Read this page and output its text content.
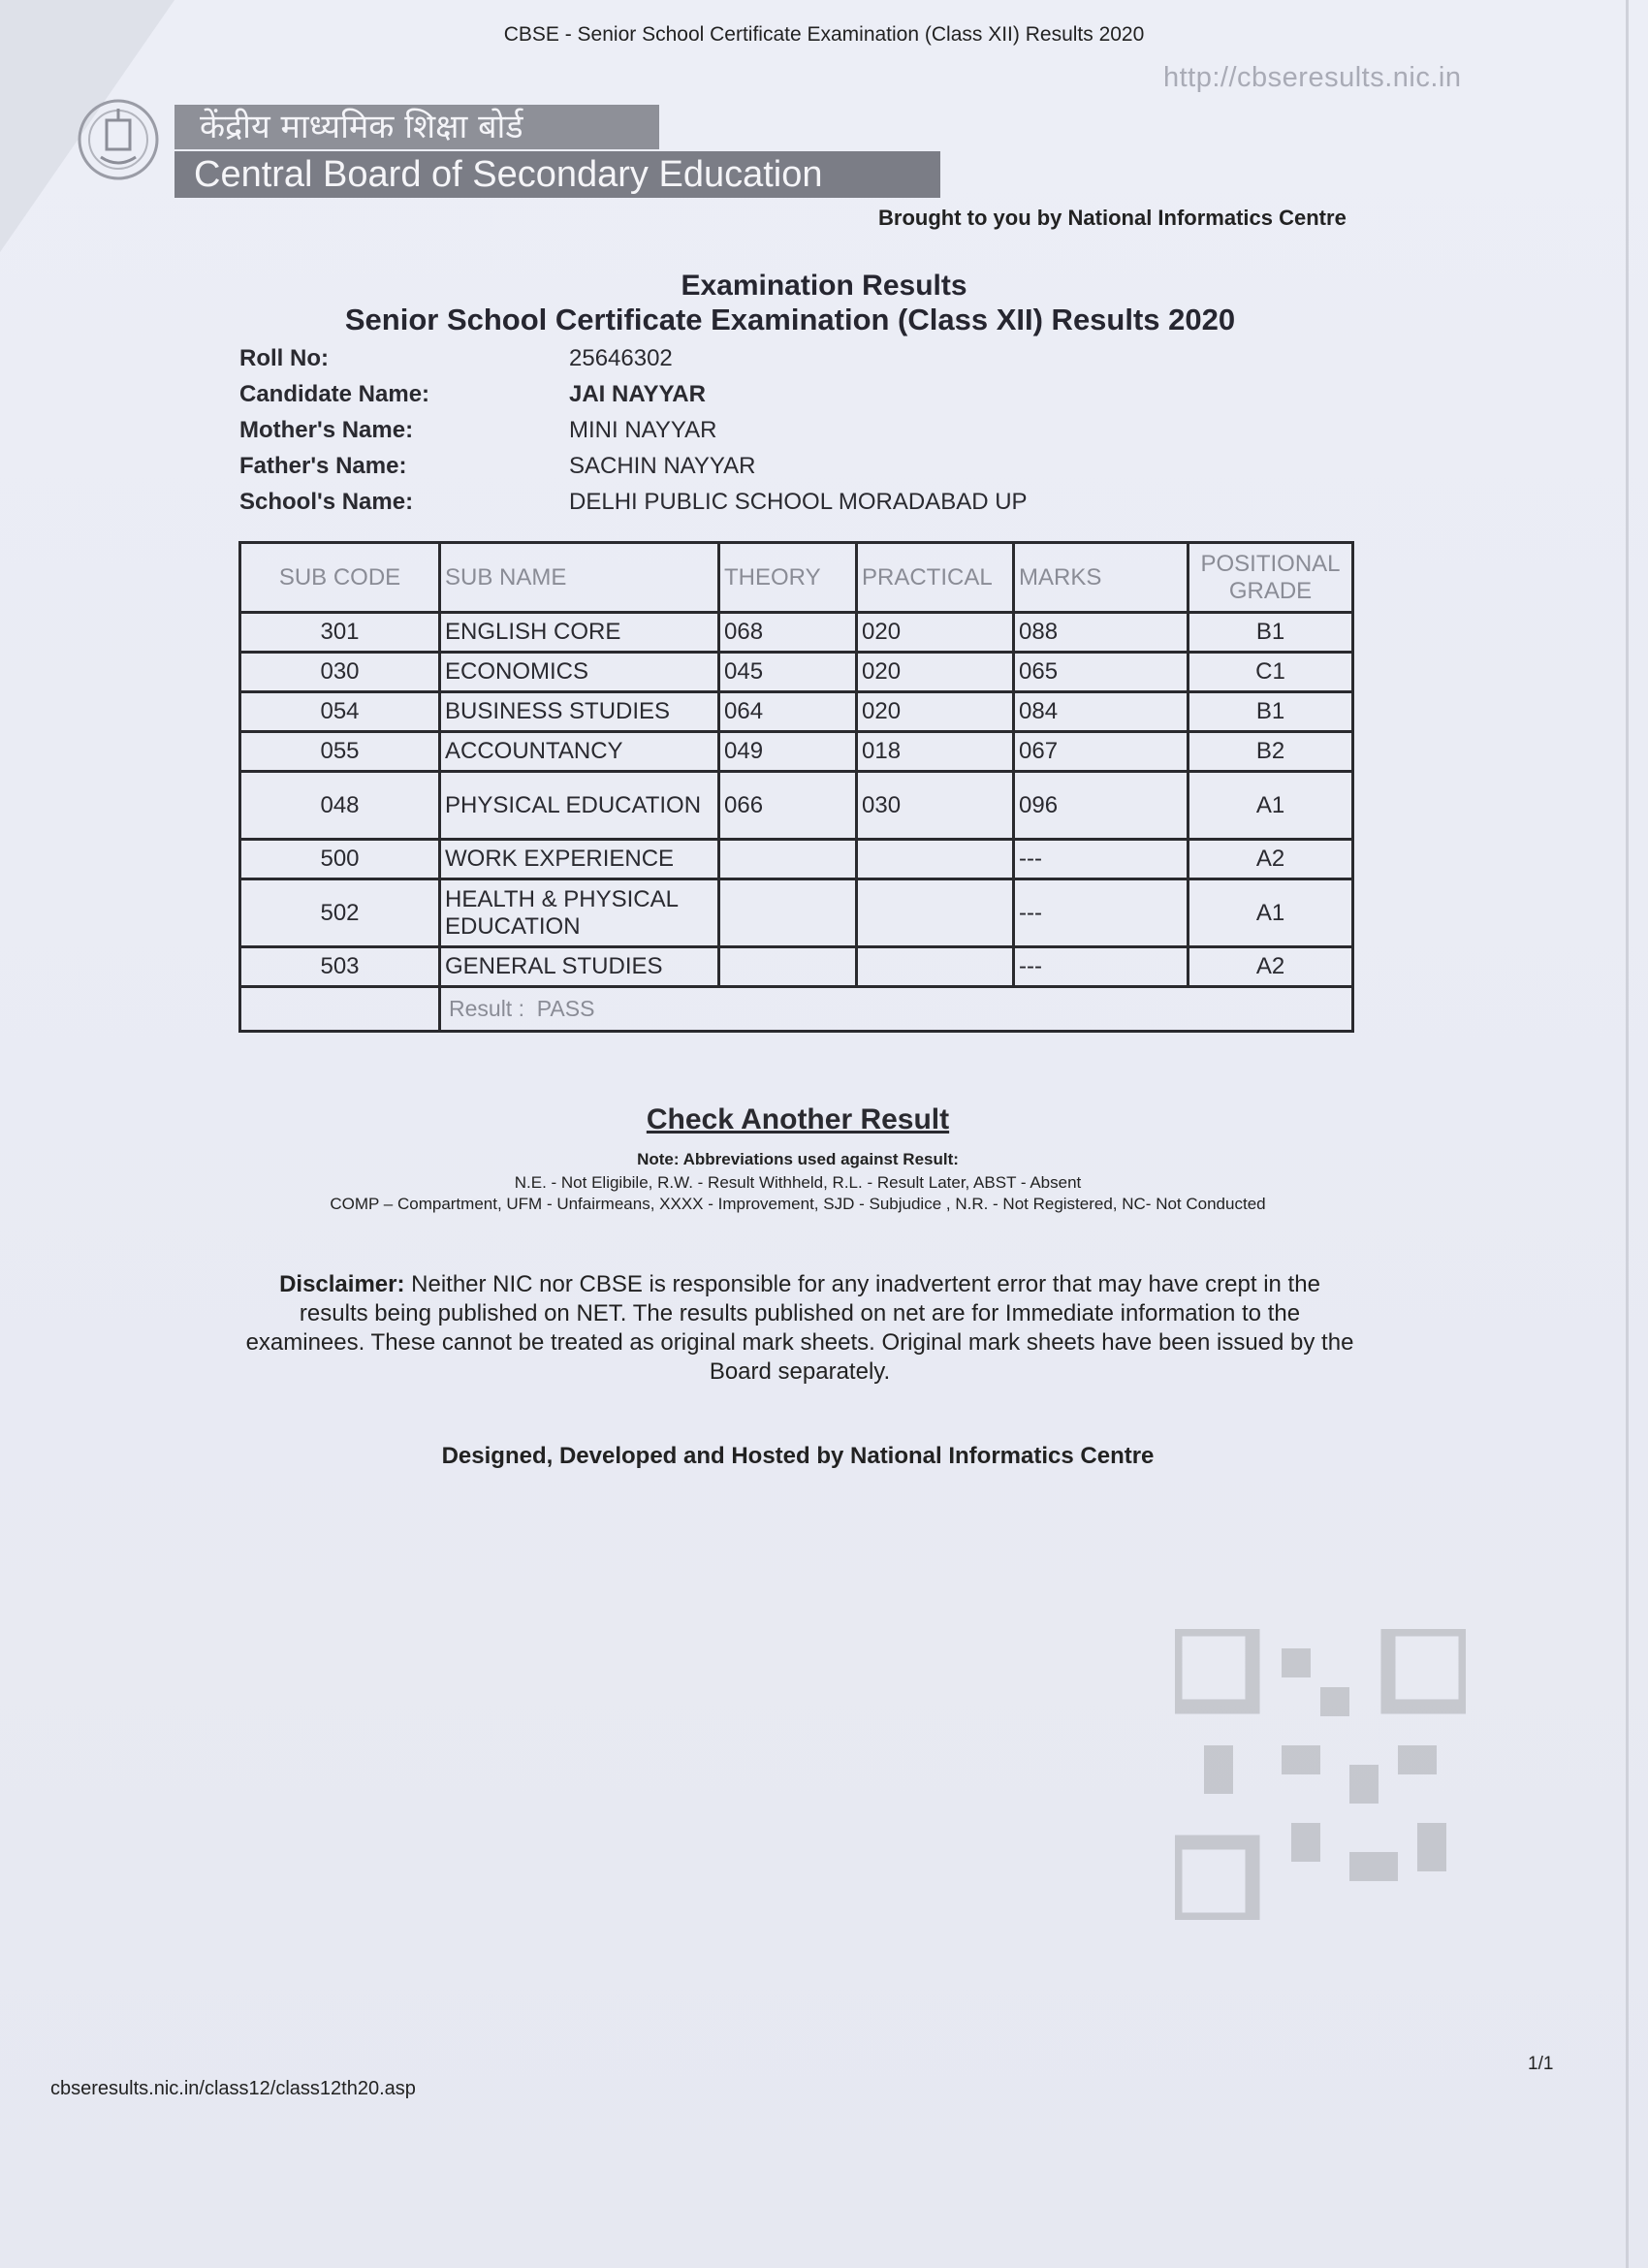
CBSE - Senior School Certificate Examination (Class XII) Results 2020
http://cbseresults.nic.in
केंद्रीय माध्यमिक शिक्षा बोर्ड
Central Board of Secondary Education
Brought to you by National Informatics Centre
Examination Results
Senior School Certificate Examination (Class XII) Results 2020
Roll No:	25646302
Candidate Name:	JAI NAYYAR
Mother's Name:	MINI NAYYAR
Father's Name:	SACHIN NAYYAR
School's Name:	DELHI PUBLIC SCHOOL MORADABAD UP
SUB CODE	SUB NAME	THEORY	PRACTICAL	MARKS	POSITIONAL GRADE
301	ENGLISH CORE	068	020	088	B1
030	ECONOMICS	045	020	065	C1
054	BUSINESS STUDIES	064	020	084	B1
055	ACCOUNTANCY	049	018	067	B2
048	PHYSICAL EDUCATION	066	030	096	A1
500	WORK EXPERIENCE			---	A2
502	HEALTH & PHYSICAL EDUCATION			---	A1
503	GENERAL STUDIES			---	A2
	Result : PASS				
Check Another Result
Note: Abbreviations used against Result:
N.E. - Not Eligibile, R.W. - Result Withheld, R.L. - Result Later, ABST - Absent
COMP – Compartment, UFM - Unfairmeans, XXXX - Improvement, SJD - Subjudice , N.R. - Not Registered, NC- Not Conducted
Disclaimer: Neither NIC nor CBSE is responsible for any inadvertent error that may have crept in the results being published on NET. The results published on net are for Immediate information to the examinees. These cannot be treated as original mark sheets. Original mark sheets have been issued by the Board separately.
Designed, Developed and Hosted by National Informatics Centre
cbseresults.nic.in/class12/class12th20.asp
1/1
